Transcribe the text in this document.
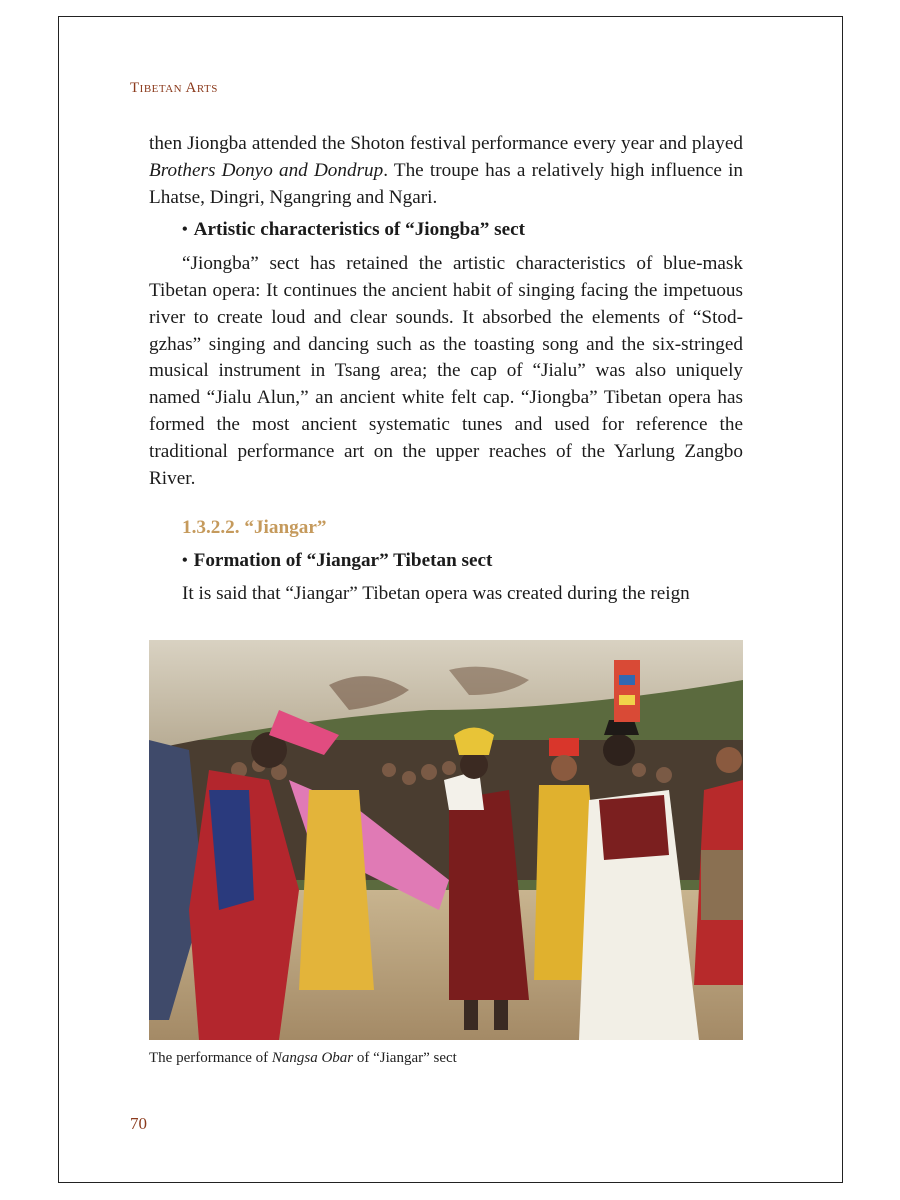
Tibetan Arts

then Jiongba attended the Shoton festival performance every year and played Brothers Donyo and Dondrup. The troupe has a relatively high influence in Lhatse, Dingri, Ngangring and Ngari.

• Artistic characteristics of “Jiongba” sect

“Jiongba” sect has retained the artistic characteristics of blue-mask Tibetan opera: It continues the ancient habit of singing facing the impetuous river to create loud and clear sounds. It absorbed the elements of “Stod-gzhas” singing and dancing such as the toasting song and the six-stringed musical instrument in Tsang area; the cap of “Jialu” was also uniquely named “Jialu Alun,” an ancient white felt cap. “Jiongba” Tibetan opera has formed the most ancient systematic tunes and used for reference the traditional performance art on the upper reaches of the Yarlung Zangbo River.

1.3.2.2. “Jiangar”

• Formation of “Jiangar” Tibetan sect

It is said that “Jiangar” Tibetan opera was created during the reign

The performance of Nangsa Obar of “Jiangar” sect
70
